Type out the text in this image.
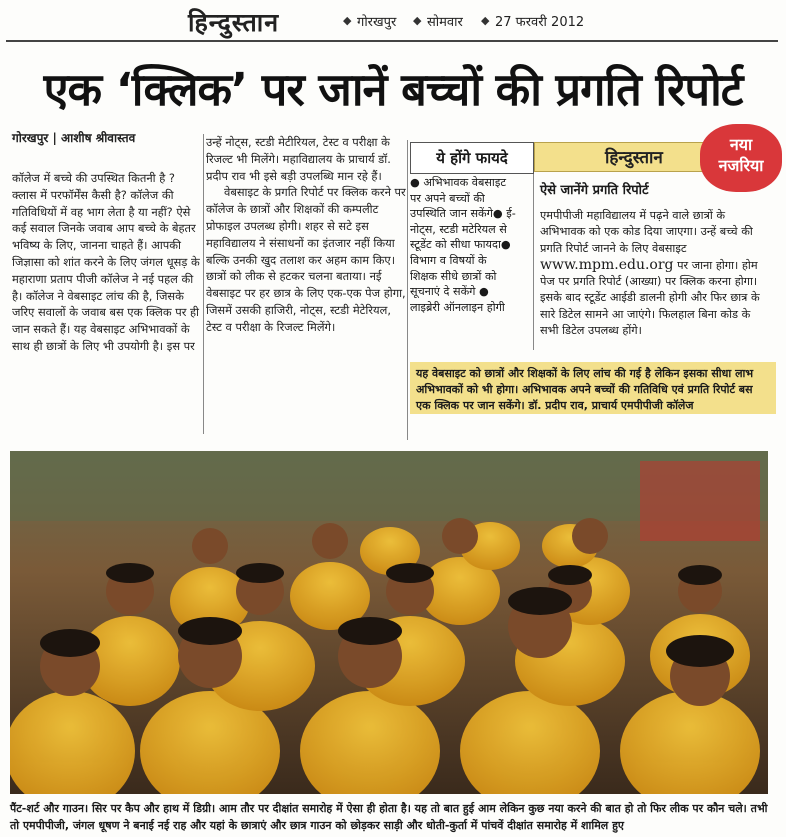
हिन्दुस्तान	◆ गोरखपुर ◆ सोमवार ◆ 27 फरवरी 2012
एक ‘क्लिक’ पर जानें बच्चों की प्रगति रिपोर्ट
गोरखपुर | आशीष श्रीवास्तव

कॉलेज में बच्चे की उपस्थित कितनी है ? क्लास में परफॉर्मेंस कैसी है? कॉलेज की गतिविधियों में वह भाग लेता है या नहीं? ऐसे कई सवाल जिनके जवाब आप बच्चे के बेहतर भविष्य के लिए, जानना चाहते हैं। आपकी जिज्ञासा को शांत करने के लिए जंगल धूसड़ के महाराणा प्रताप पीजी कॉलेज ने नई पहल की है। कॉलेज ने वेबसाइट लांच की है, जिसके जरिए सवालों के जवाब बस एक क्लिक पर ही जान सकते हैं। यह वेबसाइट अभिभावकों के साथ ही छात्रों के लिए भी उपयोगी है। इस पर

उन्हें नोट्स, स्टडी मेटीरियल, टेस्ट व परीक्षा के रिजल्ट भी मिलेंगे। महाविद्यालय के प्राचार्य डॉ. प्रदीप राव भी इसे बड़ी उपलब्धि मान रहे हैं।

वेबसाइट के प्रगति रिपोर्ट पर क्लिक करने पर कॉलेज के छात्रों और शिक्षकों की कम्पलीट प्रोफाइल उपलब्ध होगी। शहर से सटे इस महाविद्यालय ने संसाधनों का इंतजार नहीं किया बल्कि उनकी खुद तलाश कर अहम काम किए। छात्रों को लीक से हटकर चलना बताया। नई वेबसाइट पर हर छात्र के लिए एक-एक पेज होगा, जिसमें उसकी हाजिरी, नोट्स, स्टडी मेटेरियल, टेस्ट व परीक्षा के रिजल्ट मिलेंगे।

ये होंगे फायदे	हिन्दुस्तान
नया
नजरिया
● अभिभावक वेबसाइट पर अपने बच्चों की उपस्थिति जान सकेंगे● ई-नोट्स, स्टडी मटेरियल से स्टूडेंट को सीधा फायदा● विभाग व विषयों के शिक्षक सीधे छात्रों को सूचनाएं दे सकेंगे ● लाइब्रेरी ऑनलाइन होगी
ऐसे जानेंगे प्रगति रिपोर्ट
एमपीपीजी महाविद्यालय में पढ़ने वाले छात्रों के अभिभावक को एक कोड दिया जाएगा। उन्हें बच्चे की प्रगति रिपोर्ट जानने के लिए वेबसाइट www.mpm.edu.org पर जाना होगा। होम पेज पर प्रगति रिपोर्ट (आख्या) पर क्लिक करना होगा। इसके बाद स्टूडेंट आईडी डालनी होगी और फिर छात्र के सारे डिटेल सामने आ जाएंगे। फिलहाल बिना कोड के सभी डिटेल उपलब्ध होंगे।
यह वेबसाइट को छात्रों और शिक्षकों के लिए लांच की गई है लेकिन इसका सीधा लाभ अभिभावकों को भी होगा। अभिभावक अपने बच्चों की गतिविधि एवं प्रगति रिपोर्ट बस एक क्लिक पर जान सकेंगे। डॉ. प्रदीप राव, प्राचार्य एमपीपीजी कॉलेज
पैंट-शर्ट और गाउन। सिर पर कैप और हाथ में डिग्री। आम तौर पर दीक्षांत समारोह में ऐसा ही होता है। यह तो बात हुई आम लेकिन कुछ नया करने की बात हो तो फिर लीक पर कौन चले। तभी तो एमपीपीजी, जंगल धूषण ने बनाई नई राह और यहां के छात्राएं और छात्र गाउन को छोड़कर साड़ी और धोती-कुर्ता में पांचवें दीक्षांत समारोह में शामिल हुए
